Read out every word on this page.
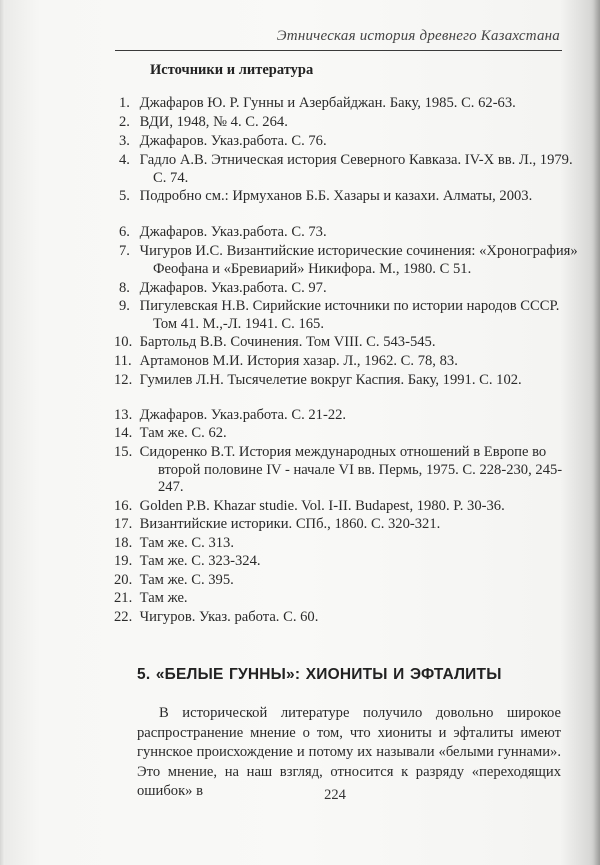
Этническая история древнего Казахстана
Источники и литература
1. Джафаров Ю. Р. Гунны и Азербайджан. Баку, 1985. С. 62-63.
2. ВДИ, 1948, № 4. С. 264.
3. Джафаров. Указ.работа. С. 76.
4. Гадло А.В. Этническая история Северного Кавказа. IV-X вв. Л., 1979. С. 74.
5. Подробно см.: Ирмуханов Б.Б. Хазары и казахи. Алматы, 2003.
6. Джафаров. Указ.работа. С. 73.
7. Чигуров И.С. Византийские исторические сочинения: «Хронография» Феофана и «Бревиарий» Никифора. М., 1980. С 51.
8. Джафаров. Указ.работа. С. 97.
9. Пигулевская Н.В. Сирийские источники по истории народов СССР. Том 41. М.,-Л. 1941. С. 165.
10. Бартольд В.В. Сочинения. Том VIII. С. 543-545.
11. Артамонов М.И. История хазар. Л., 1962. С. 78, 83.
12. Гумилев Л.Н. Тысячелетие вокруг Каспия. Баку, 1991. С. 102.
13. Джафаров. Указ.работа. С. 21-22.
14. Там жe. С. 62.
15. Сидоренко В.Т. История международных отношений в Европе во второй половине IV - начале VI вв. Пермь, 1975. С. 228-230, 245-247.
16. Golden P.B. Khazar studie. Vol. I-II. Budapest, 1980. P. 30-36.
17. Византийские историки. СПб., 1860. С. 320-321.
18. Там жe. С. 313.
19. Там же. С. 323-324.
20. Там же. С. 395.
21. Там же.
22. Чигуров. Указ. работа. С. 60.
5. «БЕЛЫЕ ГУННЫ»: ХИОНИТЫ И ЭФТАЛИТЫ
В исторической литературе получило довольно широкое распространение мнение о том, что хиониты и эфталиты имеют гуннское происхождение и потому их называли «белыми гуннами». Это мнение, на наш взгляд, относится к разряду «переходящих ошибок» в	224
